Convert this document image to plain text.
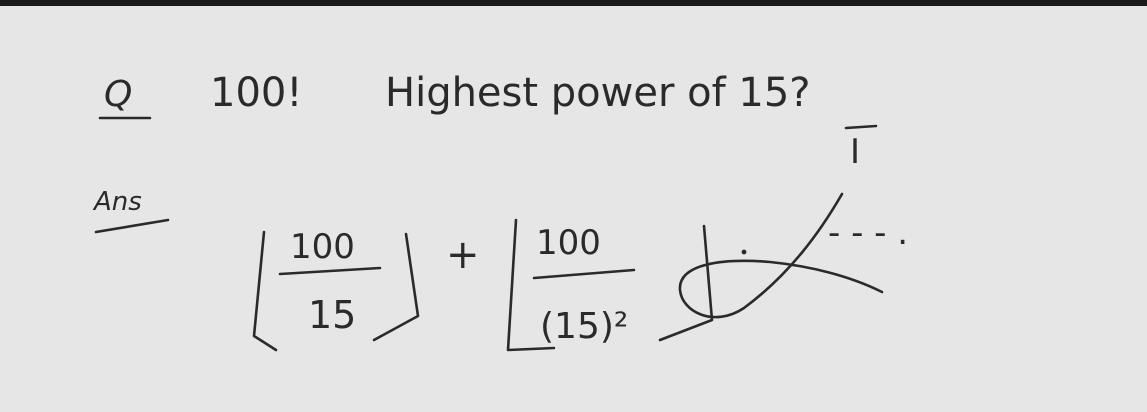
Q 100! Highest power of 15?
I
Ans
100
15
+ 100
(15)²
- - - .
